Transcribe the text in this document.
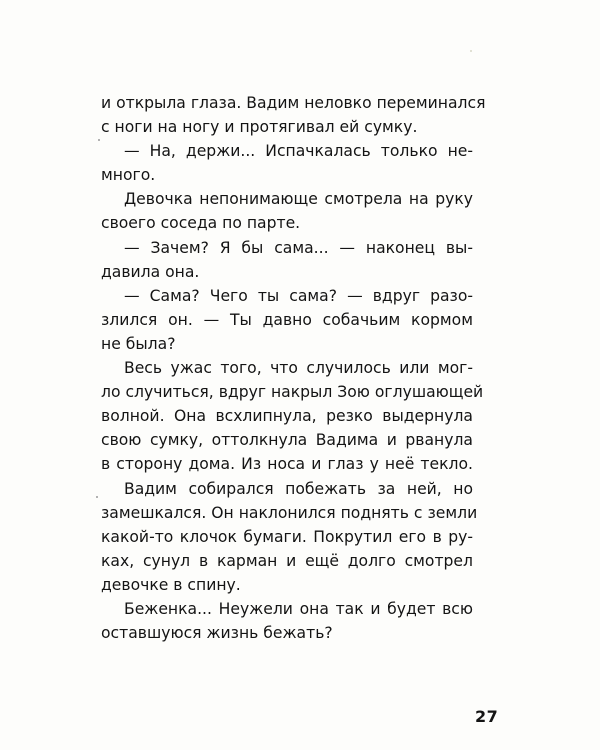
и открыла глаза. Вадим неловко переминался
с ноги на ногу и протягивал ей сумку.
— На, держи... Испачкалась только не-
много.
Девочка непонимающе смотрела на руку
своего соседа по парте.
— Зачем? Я бы сама... — наконец вы-
давила она.
— Сама? Чего ты сама? — вдруг разо-
злился он. — Ты давно собачьим кормом
не была?
Весь ужас того, что случилось или мог-
ло случиться, вдруг накрыл Зою оглушающей
волной. Она всхлипнула, резко выдернула
свою сумку, оттолкнула Вадима и рванула
в сторону дома. Из носа и глаз у неё текло.
Вадим собирался побежать за ней, но
замешкался. Он наклонился поднять с земли
какой-то клочок бумаги. Покрутил его в ру-
ках, сунул в карман и ещё долго смотрел
девочке в спину.
Беженка... Неужели она так и будет всю
оставшуюся жизнь бежать?
27
